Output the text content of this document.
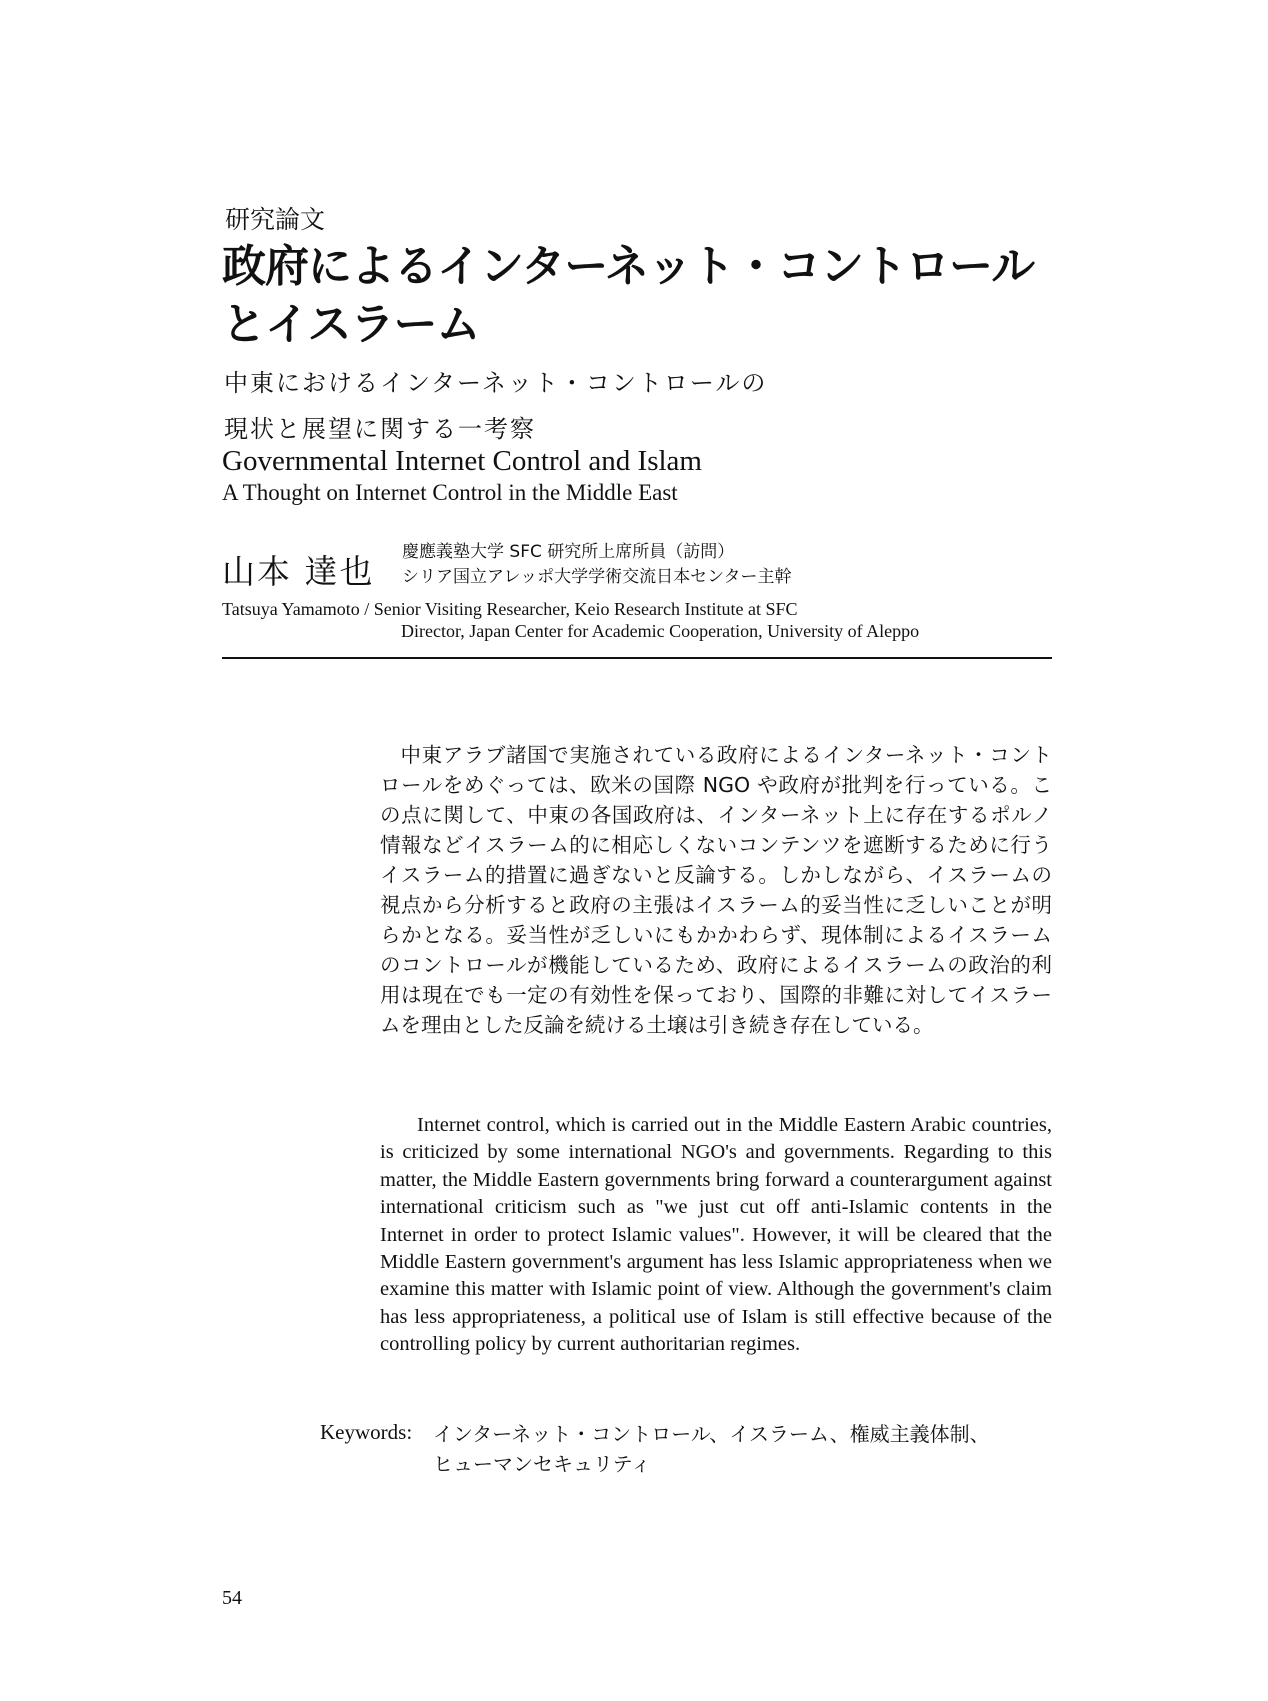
研究論文
政府によるインターネット・コントロール
とイスラーム
中東におけるインターネット・コントロールの
現状と展望に関する一考察
Governmental Internet Control and Islam
A Thought on Internet Control in the Middle East
山本 達也 慶應義塾大学 SFC 研究所上席所員（訪問）
シリア国立アレッポ大学学術交流日本センター主幹
Tatsuya Yamamoto / Senior Visiting Researcher, Keio Research Institute at SFC
Director, Japan Center for Academic Cooperation, University of Aleppo
中東アラブ諸国で実施されている政府によるインターネット・コントロールをめぐっては、欧米の国際 NGO や政府が批判を行っている。この点に関して、中東の各国政府は、インターネット上に存在するポルノ情報などイスラーム的に相応しくないコンテンツを遮断するために行うイスラーム的措置に過ぎないと反論する。しかしながら、イスラームの視点から分析すると政府の主張はイスラーム的妥当性に乏しいことが明らかとなる。妥当性が乏しいにもかかわらず、現体制によるイスラームのコントロールが機能しているため、政府によるイスラームの政治的利用は現在でも一定の有効性を保っており、国際的非難に対してイスラームを理由とした反論を続ける土壌は引き続き存在している。
Internet control, which is carried out in the Middle Eastern Arabic countries, is criticized by some international NGO's and governments. Regarding to this matter, the Middle Eastern governments bring forward a counterargument against international criticism such as "we just cut off anti-Islamic contents in the Internet in order to protect Islamic values". However, it will be cleared that the Middle Eastern government's argument has less Islamic appropriateness when we examine this matter with Islamic point of view. Although the government's claim has less appropriateness, a political use of Islam is still effective because of the controlling policy by current authoritarian regimes.
Keywords: インターネット・コントロール、イスラーム、権威主義体制、
ヒューマンセキュリティ
54
